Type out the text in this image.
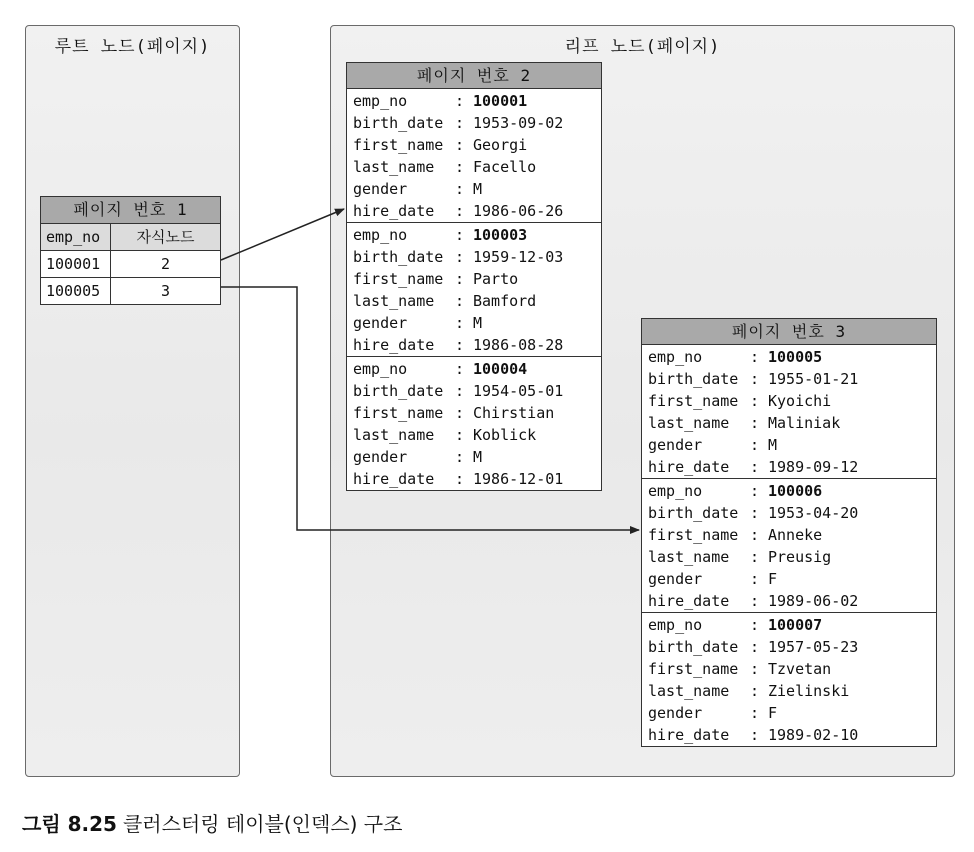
루트 노드(페이지)	리프 노드(페이지)
페이지 번호 1
emp_no	자식노드
100001	2
100005	3
페이지 번호 2
emp_no	: 100001
birth_date : 1953-09-02
first_name : Georgi
last_name	: Facello
gender	: M
hire_date	: 1986-06-26
emp_no	: 100003
birth_date : 1959-12-03
first_name : Parto
last_name	: Bamford
gender	: M
hire_date	: 1986-08-28
emp_no	: 100004
birth_date : 1954-05-01
first_name : Chirstian
last_name	: Koblick
gender	: M
hire_date	: 1986-12-01
페이지 번호 3
emp_no	: 100005
birth_date : 1955-01-21
first_name : Kyoichi
last_name	: Maliniak
gender	: M
hire_date	: 1989-09-12
emp_no	: 100006
birth_date : 1953-04-20
first_name : Anneke
last_name	: Preusig
gender	: F
hire_date	: 1989-06-02
emp_no	: 100007
birth_date : 1957-05-23
first_name : Tzvetan
last_name	: Zielinski
gender	: F
hire_date	: 1989-02-10
그림 8.25 클러스터링 테이블(인덱스) 구조
